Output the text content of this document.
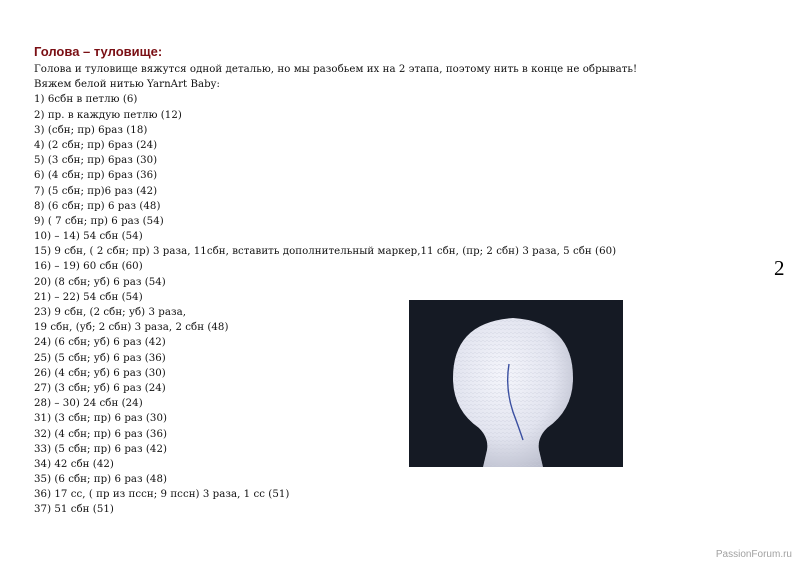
Голова – туловище:
Голова и туловище вяжутся одной деталью, но мы разобьем их на 2 этапа, поэтому нить в конце не обрывать!
Вяжем белой нитью YarnArt Baby:
1) 6сбн в петлю (6)
2) пр. в каждую петлю (12)
3) (сбн; пр) 6раз (18)
4) (2 сбн; пр) 6раз (24)
5) (3 сбн; пр) 6раз (30)
6) (4 сбн; пр) 6раз (36)
7) (5 сбн; пр)6 раз (42)
8) (6 сбн; пр) 6 раз (48)
9) ( 7 сбн; пр) 6 раз (54)
10) – 14) 54 сбн (54)
15) 9 сбн, ( 2 сбн; пр) 3 раза, 11сбн, вставить дополнительный маркер,11 сбн, (пр; 2 сбн) 3 раза, 5 сбн (60)
16) – 19) 60 сбн (60)
20) (8 сбн; уб) 6 раз (54)
21) – 22) 54 сбн (54)
23) 9 сбн, (2 сбн; уб) 3 раза,
19 сбн, (уб; 2 сбн) 3 раза, 2 сбн (48)
24) (6 сбн; уб) 6 раз (42)
25) (5 сбн; уб) 6 раз (36)
26) (4 сбн; уб) 6 раз (30)
27) (3 сбн; уб) 6 раз (24)
28) – 30) 24 сбн (24)
31) (3 сбн; пр) 6 раз (30)
32) (4 сбн; пр) 6 раз (36)
33) (5 сбн; пр) 6 раз (42)
34) 42 сбн (42)
35) (6 сбн; пр) 6 раз (48)
36) 17 сс, ( пр из пссн; 9 пссн) 3 раза, 1 сс (51)
37) 51 сбн (51)
2
PassionForum.ru
